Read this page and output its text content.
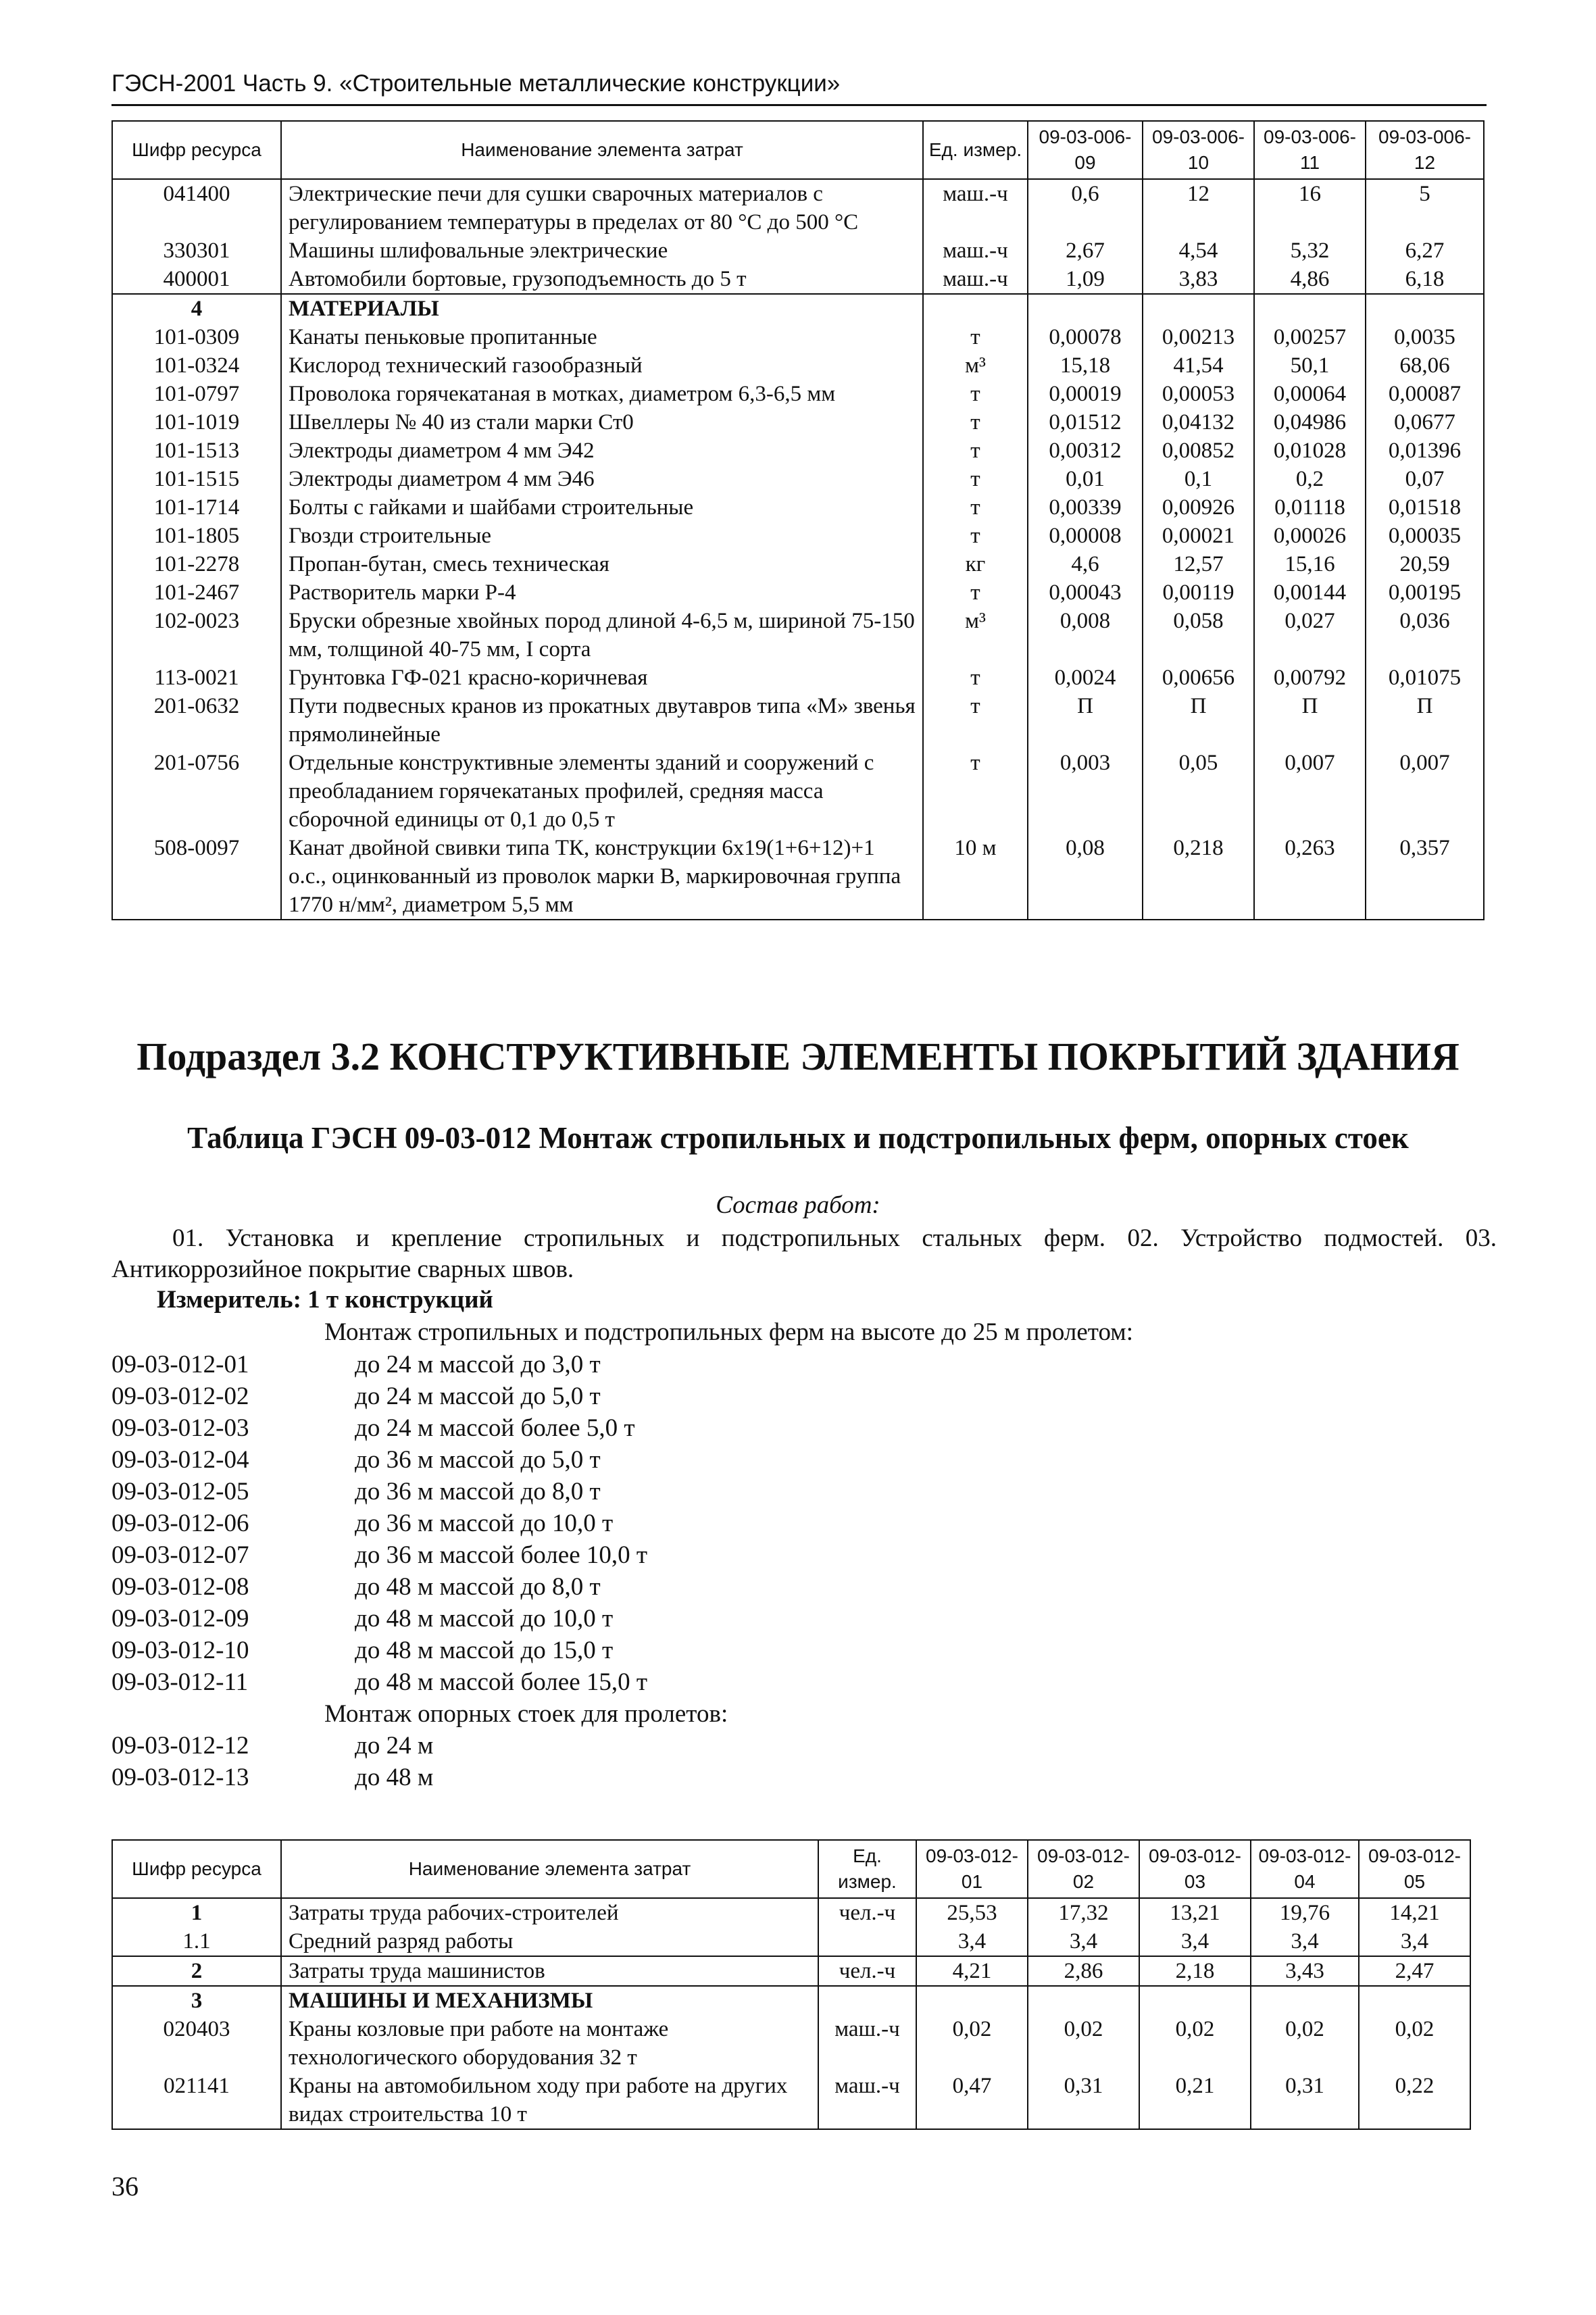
ГЭСН-2001 Часть 9. «Строительные металлические конструкции»
Шифр ресурса	Наименование элемента затрат	Ед. измер.	09-03-006-09	09-03-006-10	09-03-006-11	09-03-006-12
041400	Электрические печи для сушки сварочных материалов с регулированием температуры в пределах от 80 °С до 500 °С	маш.-ч	0,6	12	16	5
330301	Машины шлифовальные электрические	маш.-ч	2,67	4,54	5,32	6,27
400001	Автомобили бортовые, грузоподъемность до 5 т	маш.-ч	1,09	3,83	4,86	6,18
4	МАТЕРИАЛЫ					
101-0309	Канаты пеньковые пропитанные	т	0,00078	0,00213	0,00257	0,0035
101-0324	Кислород технический газообразный	м³	15,18	41,54	50,1	68,06
101-0797	Проволока горячекатаная в мотках, диаметром 6,3-6,5 мм	т	0,00019	0,00053	0,00064	0,00087
101-1019	Швеллеры № 40 из стали марки Ст0	т	0,01512	0,04132	0,04986	0,0677
101-1513	Электроды диаметром 4 мм Э42	т	0,00312	0,00852	0,01028	0,01396
101-1515	Электроды диаметром 4 мм Э46	т	0,01	0,1	0,2	0,07
101-1714	Болты с гайками и шайбами строительные	т	0,00339	0,00926	0,01118	0,01518
101-1805	Гвозди строительные	т	0,00008	0,00021	0,00026	0,00035
101-2278	Пропан-бутан, смесь техническая	кг	4,6	12,57	15,16	20,59
101-2467	Растворитель марки Р-4	т	0,00043	0,00119	0,00144	0,00195
102-0023	Бруски обрезные хвойных пород длиной 4-6,5 м, шириной 75-150 мм, толщиной 40-75 мм, I сорта	м³	0,008	0,058	0,027	0,036
113-0021	Грунтовка ГФ-021 красно-коричневая	т	0,0024	0,00656	0,00792	0,01075
201-0632	Пути подвесных кранов из прокатных двутавров типа «М» звенья прямолинейные	т	П	П	П	П
201-0756	Отдельные конструктивные элементы зданий и сооружений с преобладанием горячекатаных профилей, средняя масса сборочной единицы от 0,1 до 0,5 т	т	0,003	0,05	0,007	0,007
508-0097	Канат двойной свивки типа ТК, конструкции 6х19(1+6+12)+1 о.с., оцинкованный из проволок марки В, маркировочная группа 1770 н/мм², диаметром 5,5 мм	10 м	0,08	0,218	0,263	0,357
Подраздел 3.2 КОНСТРУКТИВНЫЕ ЭЛЕМЕНТЫ ПОКРЫТИЙ ЗДАНИЯ
Таблица ГЭСН 09-03-012 Монтаж стропильных и подстропильных ферм, опорных стоек
Состав работ:
01. Установка и крепление стропильных и подстропильных стальных ферм. 02. Устройство подмостей. 03. Антикоррозийное покрытие сварных швов.
Измеритель: 1 т конструкций
Монтаж стропильных и подстропильных ферм на высоте до 25 м пролетом:
09-03-012-01	до 24 м массой до 3,0 т
09-03-012-02	до 24 м массой до 5,0 т
09-03-012-03	до 24 м массой более 5,0 т
09-03-012-04	до 36 м массой до 5,0 т
09-03-012-05	до 36 м массой до 8,0 т
09-03-012-06	до 36 м массой до 10,0 т
09-03-012-07	до 36 м массой более 10,0 т
09-03-012-08	до 48 м массой до 8,0 т
09-03-012-09	до 48 м массой до 10,0 т
09-03-012-10	до 48 м массой до 15,0 т
09-03-012-11	до 48 м массой более 15,0 т
Монтаж опорных стоек для пролетов:
09-03-012-12	до 24 м
09-03-012-13	до 48 м
Шифр ресурса	Наименование элемента затрат	Ед. измер.	09-03-012-01	09-03-012-02	09-03-012-03	09-03-012-04	09-03-012-05
1	Затраты труда рабочих-строителей	чел.-ч	25,53	17,32	13,21	19,76	14,21
1.1	Средний разряд работы		3,4	3,4	3,4	3,4	3,4
2	Затраты труда машинистов	чел.-ч	4,21	2,86	2,18	3,43	2,47
3	МАШИНЫ И МЕХАНИЗМЫ						
020403	Краны козловые при работе на монтаже технологического оборудования 32 т	маш.-ч	0,02	0,02	0,02	0,02	0,02
021141	Краны на автомобильном ходу при работе на других видах строительства 10 т	маш.-ч	0,47	0,31	0,21	0,31	0,22
36
